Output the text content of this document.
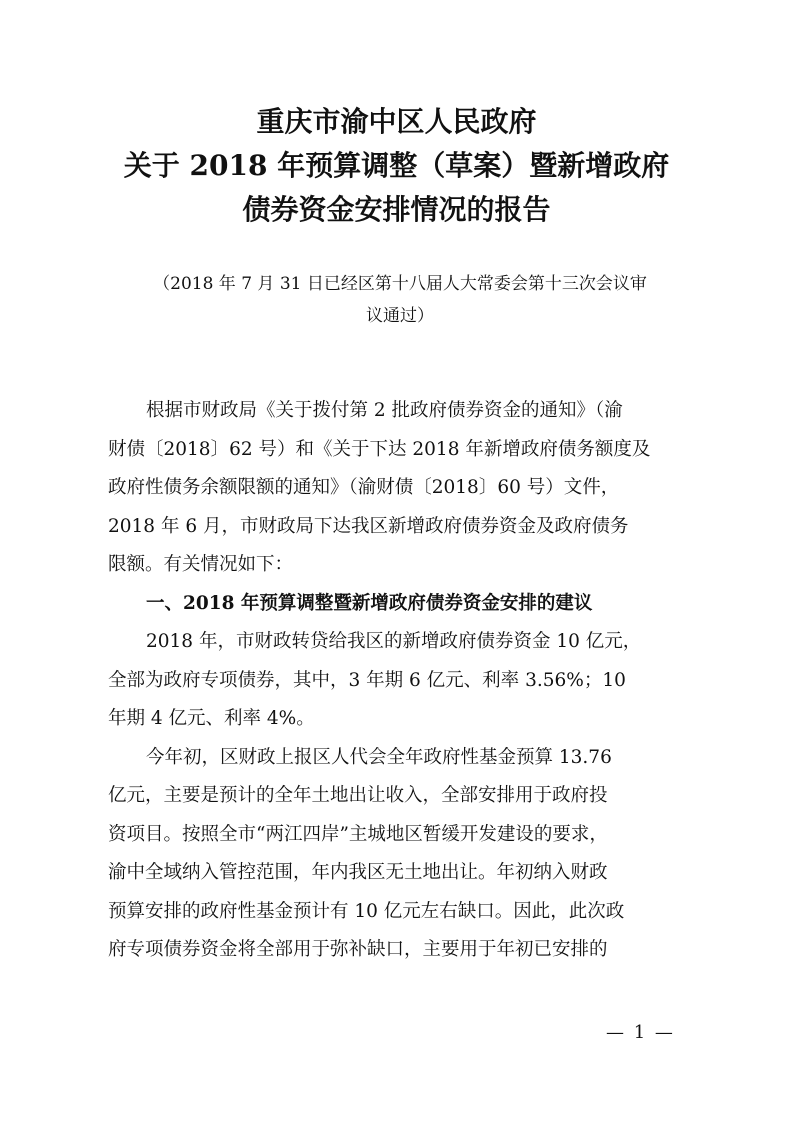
重庆市渝中区人民政府
关于 2018 年预算调整（草案）暨新增政府
债券资金安排情况的报告
（2018 年 7 月 31 日已经区第十八届人大常委会第十三次会议审
议通过）
根据市财政局《关于拨付第 2 批政府债券资金的通知》（渝
财债〔2018〕62 号）和《关于下达 2018 年新增政府债务额度及
政府性债务余额限额的通知》（渝财债〔2018〕60 号）文件，
2018 年 6 月，市财政局下达我区新增政府债券资金及政府债务
限额。有关情况如下：
一、2018 年预算调整暨新增政府债券资金安排的建议
2018 年，市财政转贷给我区的新增政府债券资金 10 亿元，
全部为政府专项债券，其中，3 年期 6 亿元、利率 3.56%；10
年期 4 亿元、利率 4%。
今年初，区财政上报区人代会全年政府性基金预算 13.76
亿元，主要是预计的全年土地出让收入，全部安排用于政府投
资项目。按照全市“两江四岸”主城地区暂缓开发建设的要求，
渝中全域纳入管控范围，年内我区无土地出让。年初纳入财政
预算安排的政府性基金预计有 10 亿元左右缺口。因此，此次政
府专项债券资金将全部用于弥补缺口，主要用于年初已安排的
— 1 —
